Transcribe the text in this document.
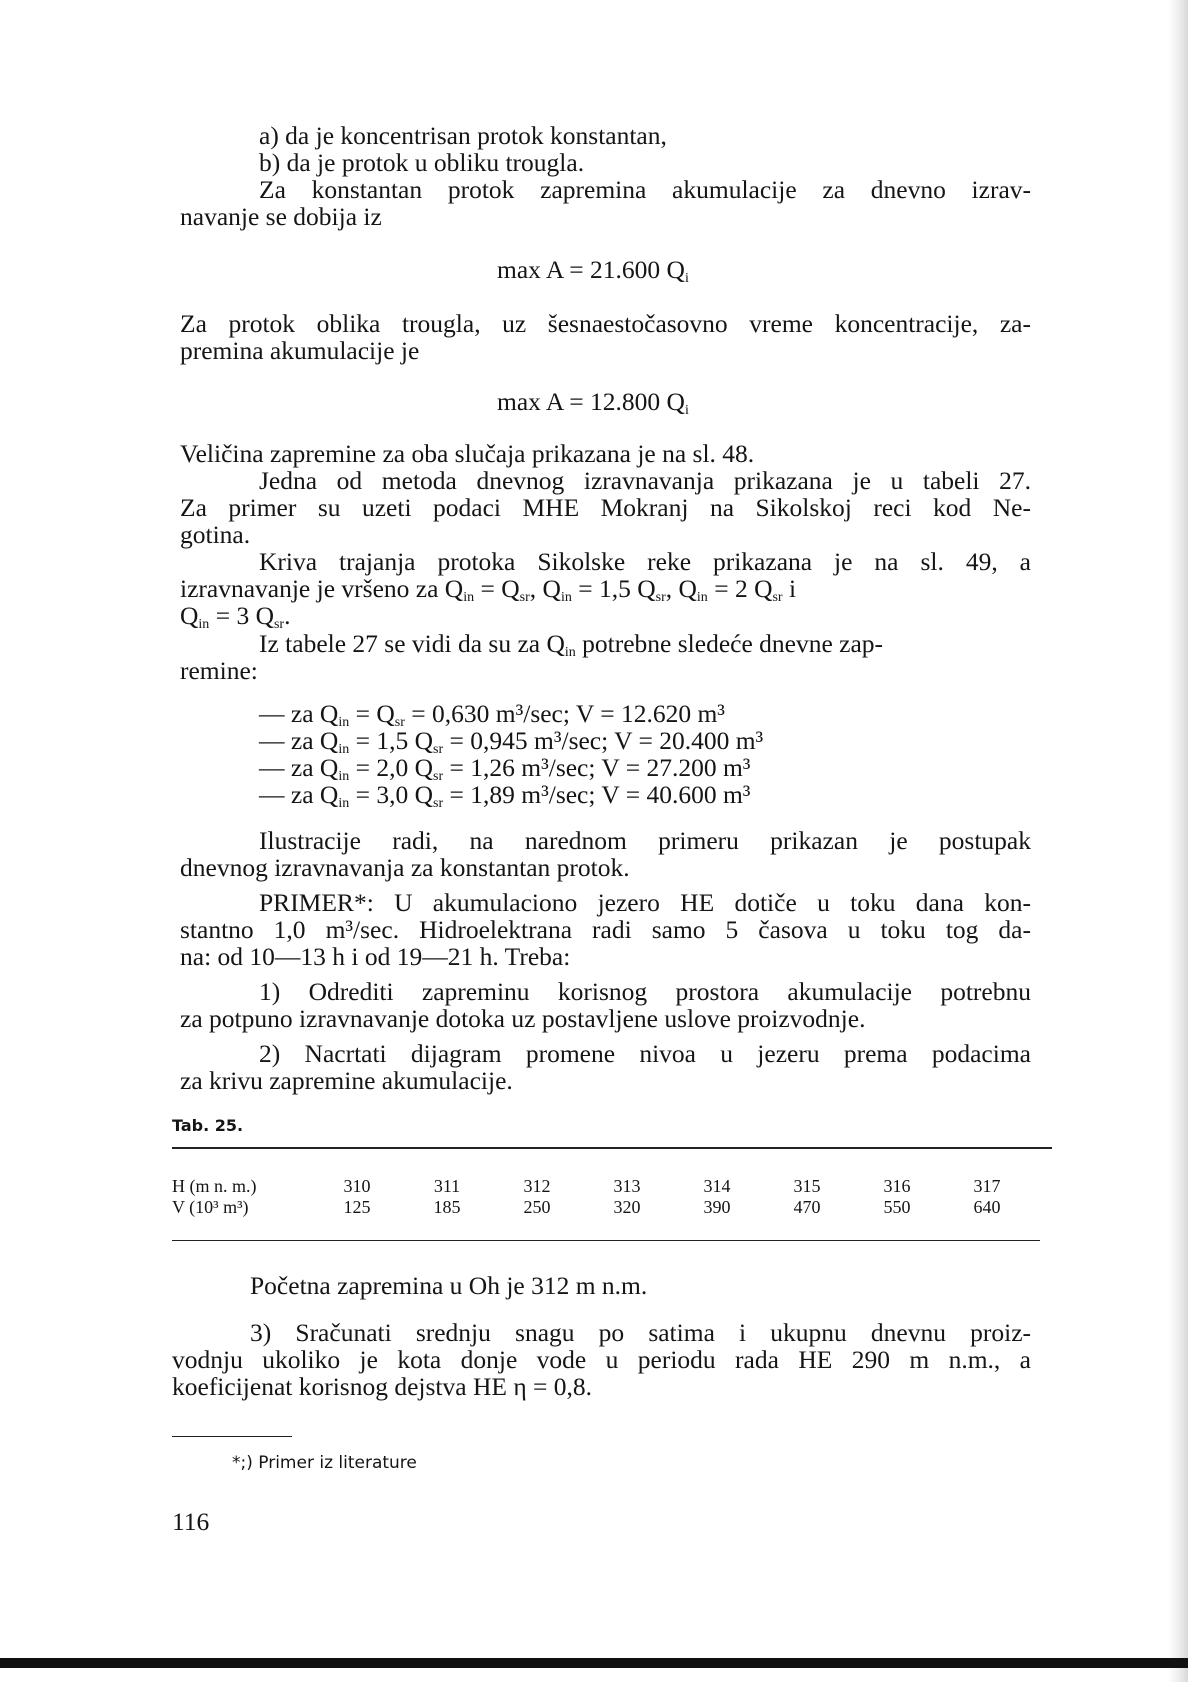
a) da je koncentrisan protok konstantan,
b) da je protok u obliku trougla.
Za konstantan protok zapremina akumulacije za dnevno izrav-
navanje se dobija iz
max A = 21.600 $Q_i$
Za protok oblika trougla, uz šesnaestočasovno vreme koncentracije, za-
premina akumulacije je
max A = 12.800 $Q_i$
Veličina zapremine za oba slučaja prikazana je na sl. 48.
Jedna od metoda dnevnog izravnavanja prikazana je u tabeli 27.
Za primer su uzeti podaci MHE Mokranj na Sikolskoj reci kod Ne-
gotina.
Kriva trajanja protoka Sikolske reke prikazana je na sl. 49, a
izravnavanje je vršeno za $Q_{in} = Q_{sr}$, $Q_{in} = 1,5$ $Q_{sr}$, $Q_{in} = 2$ $Q_{sr}$ i
$Q_{in} = 3$ $Q_{sr}$.
Iz tabele 27 se vidi da su za $Q_{in}$ potrebne sledeće dnevne zap-
remine:
— za $Q_{in} = Q_{sr} = 0,630$ m³/sec; V = 12.620 m³
— za $Q_{in} = 1,5$ $Q_{sr} = 0,945$ m³/sec; V = 20.400 m³
— za $Q_{in} = 2,0$ $Q_{sr} = 1,26$ m³/sec; V = 27.200 m³
— za $Q_{in} = 3,0$ $Q_{sr} = 1,89$ m³/sec; V = 40.600 m³
Ilustracije radi, na narednom primeru prikazan je postupak
dnevnog izravnavanja za konstantan protok.
PRIMER*: U akumulaciono jezero HE dotiče u toku dana kon-
stantno 1,0 m³/sec. Hidroelektrana radi samo 5 časova u toku tog da-
na: od 10—13 h i od 19—21 h. Treba:
1) Odrediti zapreminu korisnog prostora akumulacije potrebnu
za potpuno izravnavanje dotoka uz postavljene uslove proizvodnje.
2) Nacrtati dijagram promene nivoa u jezeru prema podacima
za krivu zapremine akumulacije.
Tab. 25.
H (m n. m.)	310	311	312	313	314	315	316	317
V (10³ m³)	125	185	250	320	390	470	550	640
Početna zapremina u Oh je 312 m n.m.
3) Sračunati srednju snagu po satima i ukupnu dnevnu proiz-
vodnju ukoliko je kota donje vode u periodu rada HE 290 m n.m., a
koeficijenat korisnog dejstva HE η = 0,8.
*;) Primer iz literature
116
